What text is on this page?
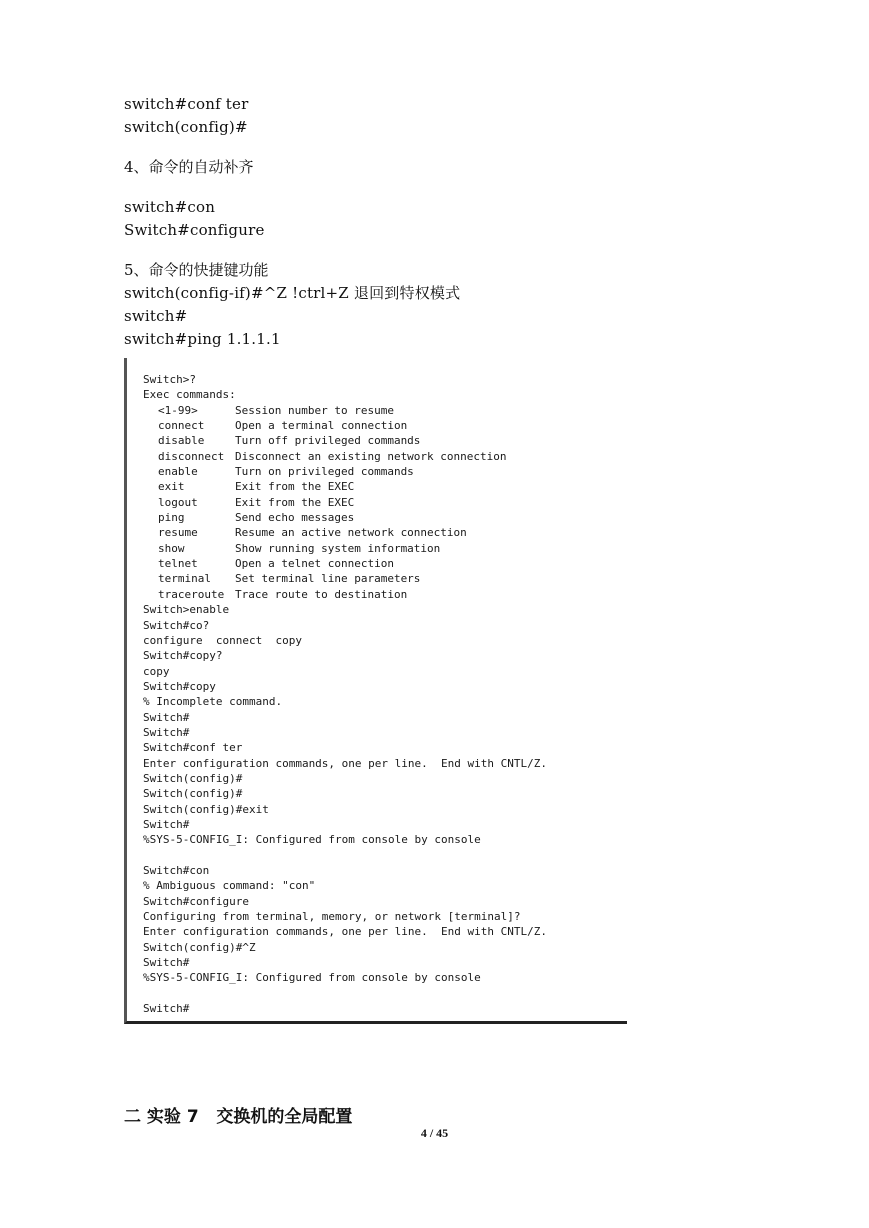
switch#conf ter
switch(config)#
4、命令的自动补齐
switch#con
Switch#configure
5、命令的快捷键功能
switch(config-if)#^Z !ctrl+Z 退回到特权模式
switch#
switch#ping 1.1.1.1
Switch>?
Exec commands:
<1-99>	Session number to resume
connect	Open a terminal connection
disable	Turn off privileged commands
disconnect Disconnect an existing network connection
enable	Turn on privileged commands
exit	Exit from the EXEC
logout	Exit from the EXEC
ping	Send echo messages
resume	Resume an active network connection
show	Show running system information
telnet	Open a telnet connection
terminal Set terminal line parameters
traceroute Trace route to destination
Switch>enable
Switch#co?
configure  connect  copy
Switch#copy?
copy
Switch#copy
% Incomplete command.
Switch#
Switch#
Switch#conf ter
Enter configuration commands, one per line.  End with CNTL/Z.
Switch(config)#
Switch(config)#
Switch(config)#exit
Switch#
%SYS-5-CONFIG_I: Configured from console by console
Switch#con
% Ambiguous command: "con"
Switch#configure
Configuring from terminal, memory, or network [terminal]?
Enter configuration commands, one per line.  End with CNTL/Z.
Switch(config)#^Z
Switch#
%SYS-5-CONFIG_I: Configured from console by console
Switch#
二 实验 7   交换机的全局配置
4 / 45
